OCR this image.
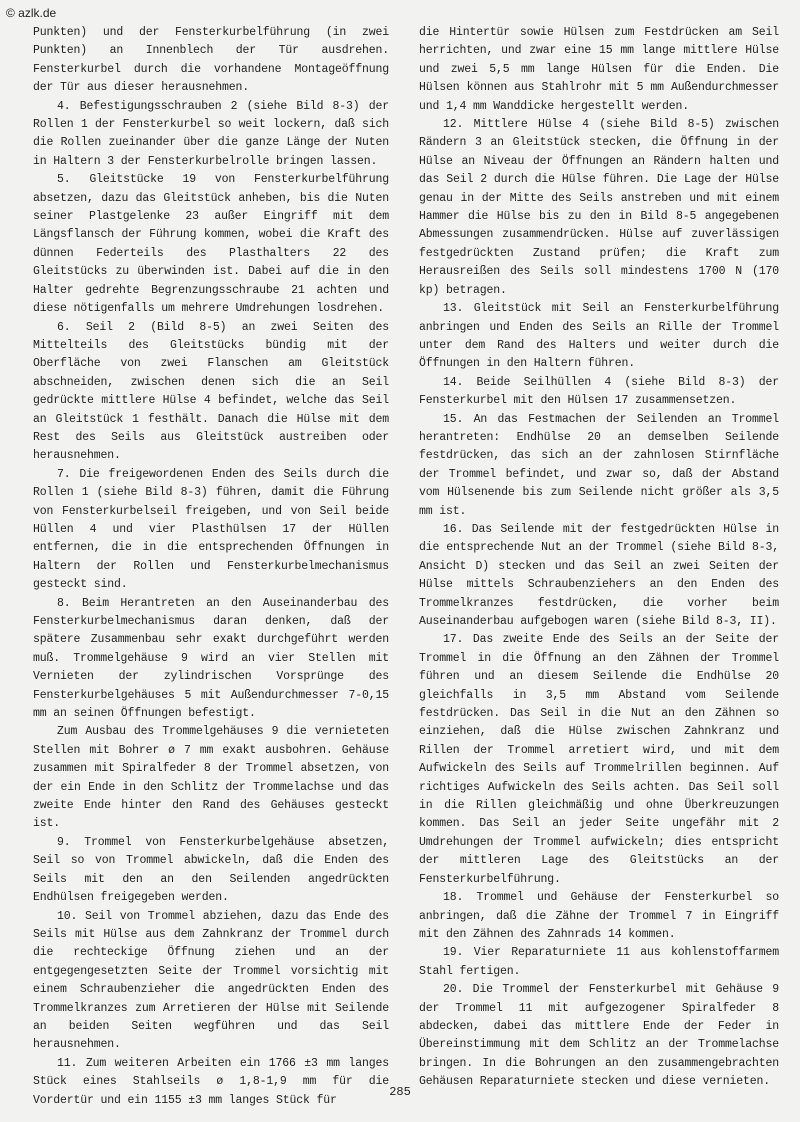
© azlk.de

Punkten) und der Fensterkurbelführung (in zwei Punkten) an Innenblech der Tür ausdrehen. Fensterkurbel durch die vorhandene Montageöffnung der Tür aus dieser herausnehmen.

4. Befestigungsschrauben 2 (siehe Bild 8-3) der Rollen 1 der Fensterkurbel so weit lockern, daß sich die Rollen zueinander über die ganze Länge der Nuten in Haltern 3 der Fensterkurbelrolle bringen lassen.

5. Gleitstücke 19 von Fensterkurbelführung absetzen, dazu das Gleitstück anheben, bis die Nuten seiner Plastgelenke 23 außer Eingriff mit dem Längsflansch der Führung kommen, wobei die Kraft des dünnen Federteils des Plasthalters 22 des Gleitstücks zu überwinden ist. Dabei auf die in den Halter gedrehte Begrenzungsschraube 21 achten und diese nötigenfalls um mehrere Umdrehungen losdrehen.

6. Seil 2 (Bild 8-5) an zwei Seiten des Mittelteils des Gleitstücks bündig mit der Oberfläche von zwei Flanschen am Gleitstück abschneiden, zwischen denen sich die an Seil gedrückte mittlere Hülse 4 befindet, welche das Seil an Gleitstück 1 festhält. Danach die Hülse mit dem Rest des Seils aus Gleitstück austreiben oder herausnehmen.

7. Die freigewordenen Enden des Seils durch die Rollen 1 (siehe Bild 8-3) führen, damit die Führung von Fensterkurbelseil freigeben, und von Seil beide Hüllen 4 und vier Plasthülsen 17 der Hüllen entfernen, die in die entsprechenden Öffnungen in Haltern der Rollen und Fensterkurbelmechanismus gesteckt sind.

8. Beim Herantreten an den Auseinanderbau des Fensterkurbelmechanismus daran denken, daß der spätere Zusammenbau sehr exakt durchgeführt werden muß. Trommelgehäuse 9 wird an vier Stellen mit Vernieten der zylindrischen Vorsprünge des Fensterkurbelgehäuses 5 mit Außendurchmesser 7-0,15 mm an seinen Öffnungen befestigt.

Zum Ausbau des Trommelgehäuses 9 die vernieteten Stellen mit Bohrer ø 7 mm exakt ausbohren. Gehäuse zusammen mit Spiralfeder 8 der Trommel absetzen, von der ein Ende in den Schlitz der Trommelachse und das zweite Ende hinter den Rand des Gehäuses gesteckt ist.

9. Trommel von Fensterkurbelgehäuse absetzen, Seil so von Trommel abwickeln, daß die Enden des Seils mit den an den Seilenden angedrückten Endhülsen freigegeben werden.

10. Seil von Trommel abziehen, dazu das Ende des Seils mit Hülse aus dem Zahnkranz der Trommel durch die rechteckige Öffnung ziehen und an der entgegengesetzten Seite der Trommel vorsichtig mit einem Schraubenzieher die angedrückten Enden des Trommelkranzes zum Arretieren der Hülse mit Seilende an beiden Seiten wegführen und das Seil herausnehmen.

11. Zum weiteren Arbeiten ein 1766 ±3 mm langes Stück eines Stahlseils ø 1,8-1,9 mm für die Vordertür und ein 1155 ±3 mm langes Stück für

die Hintertür sowie Hülsen zum Festdrücken am Seil herrichten, und zwar eine 15 mm lange mittlere Hülse und zwei 5,5 mm lange Hülsen für die Enden. Die Hülsen können aus Stahlrohr mit 5 mm Außendurchmesser und 1,4 mm Wanddicke hergestellt werden.

12. Mittlere Hülse 4 (siehe Bild 8-5) zwischen Rändern 3 an Gleitstück stecken, die Öffnung in der Hülse an Niveau der Öffnungen an Rändern halten und das Seil 2 durch die Hülse führen. Die Lage der Hülse genau in der Mitte des Seils anstreben und mit einem Hammer die Hülse bis zu den in Bild 8-5 angegebenen Abmessungen zusammendrücken. Hülse auf zuverlässigen festgedrückten Zustand prüfen; die Kraft zum Herausreißen des Seils soll mindestens 1700 N (170 kp) betragen.

13. Gleitstück mit Seil an Fensterkurbelführung anbringen und Enden des Seils an Rille der Trommel unter dem Rand des Halters und weiter durch die Öffnungen in den Haltern führen.

14. Beide Seilhüllen 4 (siehe Bild 8-3) der Fensterkurbel mit den Hülsen 17 zusammensetzen.

15. An das Festmachen der Seilenden an Trommel herantreten: Endhülse 20 an demselben Seilende festdrücken, das sich an der zahnlosen Stirnfläche der Trommel befindet, und zwar so, daß der Abstand vom Hülsenende bis zum Seilende nicht größer als 3,5 mm ist.

16. Das Seilende mit der festgedrückten Hülse in die entsprechende Nut an der Trommel (siehe Bild 8-3, Ansicht D) stecken und das Seil an zwei Seiten der Hülse mittels Schraubenziehers an den Enden des Trommelkranzes festdrücken, die vorher beim Auseinanderbau aufgebogen waren (siehe Bild 8-3, II).

17. Das zweite Ende des Seils an der Seite der Trommel in die Öffnung an den Zähnen der Trommel führen und an diesem Seilende die Endhülse 20 gleichfalls in 3,5 mm Abstand vom Seilende festdrücken. Das Seil in die Nut an den Zähnen so einziehen, daß die Hülse zwischen Zahnkranz und Rillen der Trommel arretiert wird, und mit dem Aufwickeln des Seils auf Trommelrillen beginnen. Auf richtiges Aufwickeln des Seils achten. Das Seil soll in die Rillen gleichmäßig und ohne Überkreuzungen kommen. Das Seil an jeder Seite ungefähr mit 2 Umdrehungen der Trommel aufwickeln; dies entspricht der mittleren Lage des Gleitstücks an der Fensterkurbelführung.

18. Trommel und Gehäuse der Fensterkurbel so anbringen, daß die Zähne der Trommel 7 in Eingriff mit den Zähnen des Zahnrads 14 kommen.

19. Vier Reparaturniete 11 aus kohlenstoffarmem Stahl fertigen.

20. Die Trommel der Fensterkurbel mit Gehäuse 9 der Trommel 11 mit aufgezogener Spiralfeder 8 abdecken, dabei das mittlere Ende der Feder in Übereinstimmung mit dem Schlitz an der Trommelachse bringen. In die Bohrungen an den zusammengebrachten Gehäusen Reparaturniete stecken und diese vernieten.

285
